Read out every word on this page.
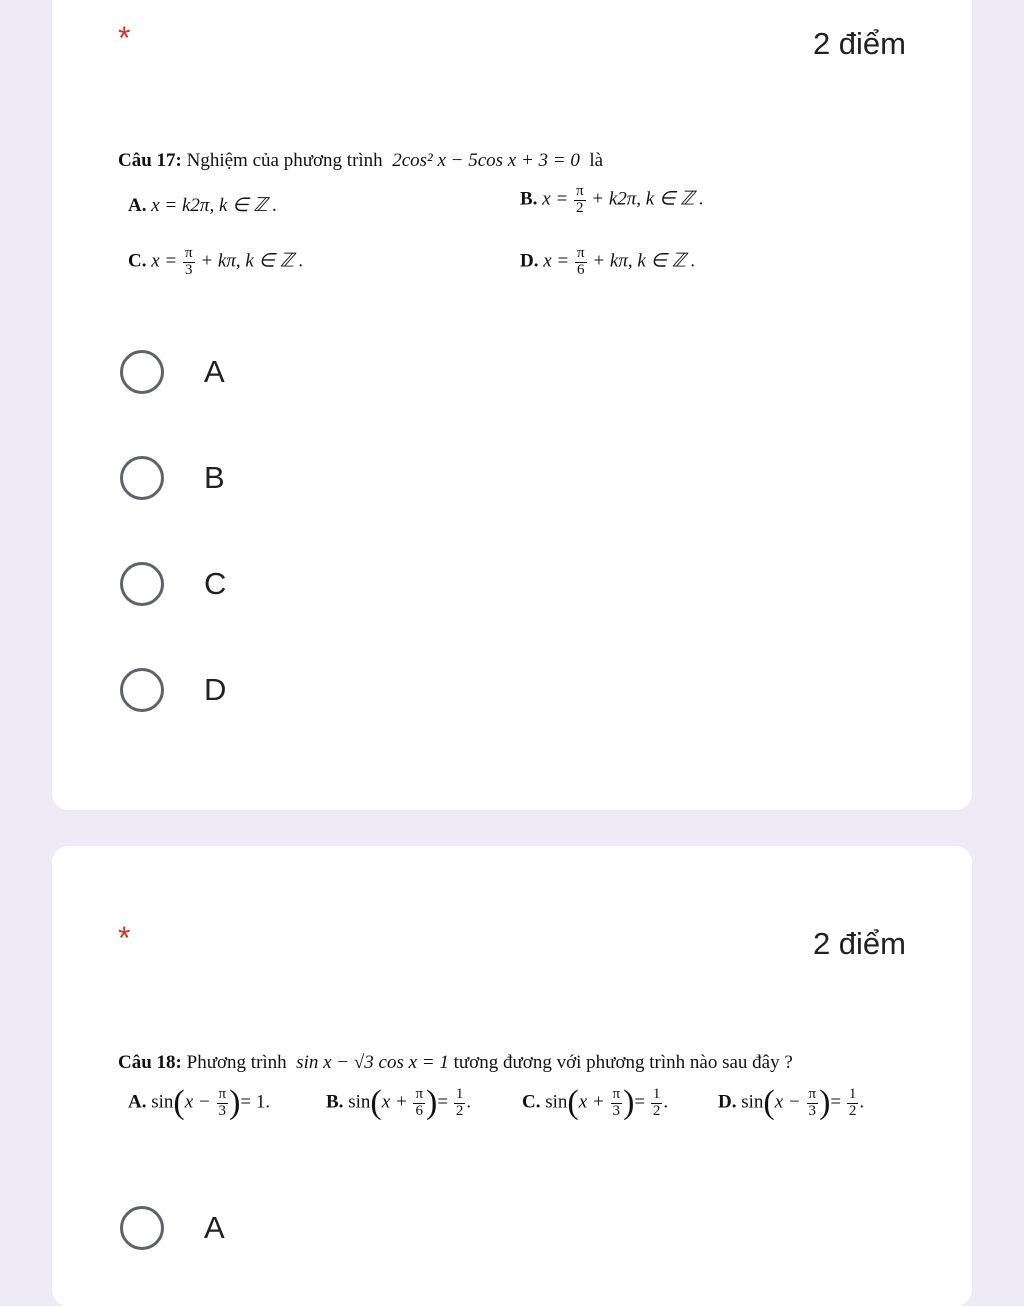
*	2 điểm
Câu 17: Nghiệm của phương trình 2cos² x − 5cos x + 3 = 0 là
A. x = k2π, k ∈ ℤ .	B. $x = \frac{\pi}{2} + k2\pi$, k ∈ ℤ .
C. $x = \frac{\pi}{3} + k\pi$, k ∈ ℤ .	D. $x = \frac{\pi}{6} + k\pi$, k ∈ ℤ .
A
B
C
D
*	2 điểm
Câu 18: Phương trình sin x − √3 cos x = 1 tương đương với phương trình nào sau đây ?
A. $\sin(x - \frac{\pi}{3}$ )= 1.	B. $\sin(x + \frac{\pi}{6}$ )= $\frac{1}{2}$ .	C. $\sin(x + \frac{\pi}{3}$ )= $\frac{1}{2}$ .	D. $\sin(x - \frac{\pi}{3}$ )= $\frac{1}{2}$ .
A
